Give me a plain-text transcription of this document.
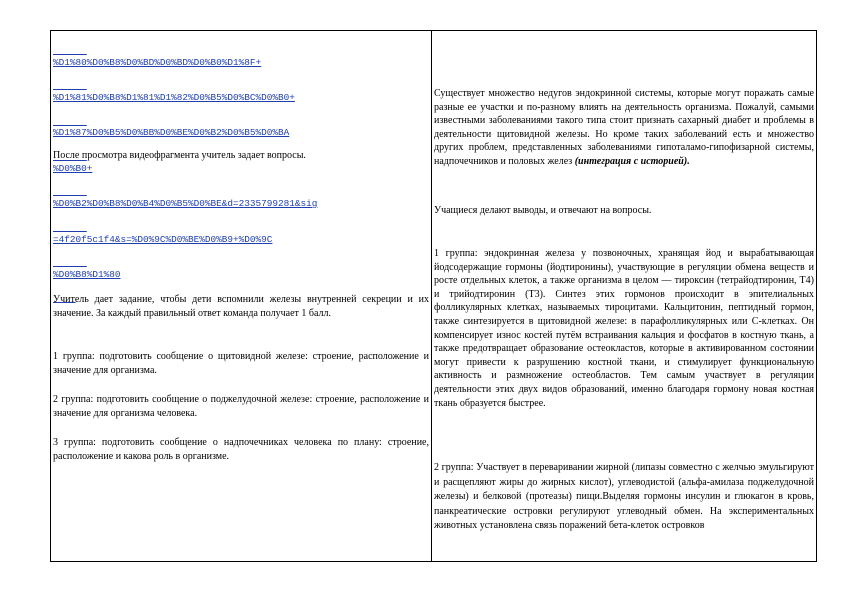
%D1%80%D0%B8%D0%BD%D0%BD%D0%B0%D1%8F+

%D1%81%D0%B8%D1%81%D1%82%D0%B5%D0%BC%D0%B0+

%D1%87%D0%B5%D0%BB%D0%BE%D0%B2%D0%B5%D0%BA

%D0%B0+

%D0%B2%D0%B8%D0%B4%D0%B5%D0%BE&d=2335799281&sig

=4f20f5c1f4&s=%D0%9C%D0%BE%D0%B9+%D0%9C

%D0%B8%D1%80

После просмотра видеофрагмента учитель задает вопросы.

Учитель дает задание, чтобы дети вспомнили железы внутренней секреции и их значение. За каждый правильный ответ команда получает 1 балл.

1 группа: подготовить сообщение о щитовидной железе: строение, расположение и значение для организма.

2 группа: подготовить сообщение о поджелудочной железе: строение, расположение и значение для организма человека.

3 группа: подготовить сообщение о надпочечниках человека по плану: строение, расположение и какова роль в организме.

Существует множество недугов эндокринной системы, которые могут поражать самые разные ее участки и по-разному влиять на деятельность организма. Пожалуй, самыми известными заболеваниями такого типа стоит признать сахарный диабет и проблемы в деятельности щитовидной железы. Но кроме таких заболеваний есть и множество других проблем, представленных заболеваниями гипоталамо-гипофизарной системы, надпочечников и половых желез (интеграция с историей).

Учащиеся делают выводы, и отвечают на вопросы.

1 группа: эндокринная железа у позвоночных, хранящая йод и вырабатывающая йодсодержащие гормоны (йодтиронины), участвующие в регуляции обмена веществ и росте отдельных клеток, а также организма в целом — тироксин (тетрайодтиронин, T4) и трийодтиронин (T3). Синтез этих гормонов происходит в эпителиальных фолликулярных клетках, называемых тироцитами. Кальцитонин, пептидный гормон, также синтезируется в щитовидной железе: в парафолликулярных или C-клетках. Он компенсирует износ костей путём встраивания кальция и фосфатов в костную ткань, а также предотвращает образование остеокластов, которые в активированном состоянии могут привести к разрушению костной ткани, и стимулирует функциональную активность и размножение остеобластов. Тем самым участвует в регуляции деятельности этих двух видов образований, именно благодаря гормону новая костная ткань образуется быстрее.

2 группа: Участвует в переваривании жирной (липазы совместно с желчью эмульгируют и расщепляют жиры до жирных кислот), углеводистой (альфа-амилаза поджелудочной железы) и белковой (протеазы) пищи.Выделяя гормоны инсулин и глюкагон в кровь, панкреатические островки регулируют углеводный обмен. На экспериментальных животных установлена связь поражений бета-клеток островков
